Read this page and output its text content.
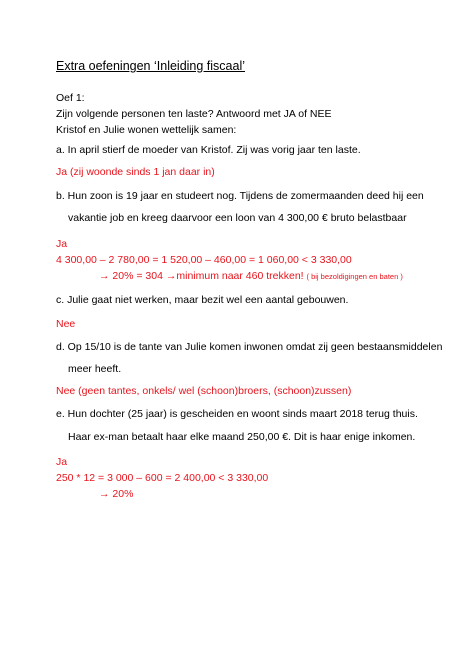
Extra oefeningen ‘Inleiding fiscaal’
Oef 1:
Zijn volgende personen ten laste? Antwoord met JA of NEE
Kristof en Julie wonen wettelijk samen:
a. In april stierf de moeder van Kristof. Zij was vorig jaar ten laste.
Ja (zij woonde sinds 1 jan daar in)
b. Hun zoon is 19 jaar en studeert nog. Tijdens de zomermaanden deed hij een
vakantie job en kreeg daarvoor een loon van 4 300,00 € bruto belastbaar
Ja
4 300,00 – 2 780,00 = 1 520,00 – 460,00 = 1 060,00 < 3 330,00
→ 20% = 304 →minimum naar 460 trekken! ( bij bezoldigingen en baten )
c. Julie gaat niet werken, maar bezit wel een aantal gebouwen.
Nee
d. Op 15/10 is de tante van Julie komen inwonen omdat zij geen bestaansmiddelen
meer heeft.
Nee (geen tantes, onkels/ wel (schoon)broers, (schoon)zussen)
e. Hun dochter (25 jaar) is gescheiden en woont sinds maart 2018 terug thuis.
Haar ex-man betaalt haar elke maand 250,00 €. Dit is haar enige inkomen.
Ja
250 * 12 = 3 000 – 600 = 2 400,00 < 3 330,00
→ 20%
